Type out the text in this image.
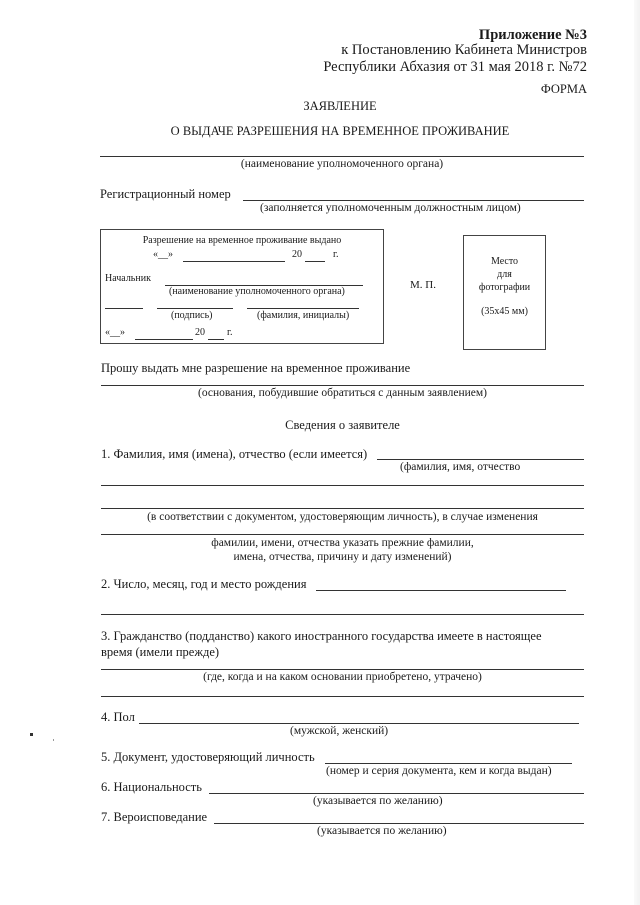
Приложение №3
к Постановлению Кабинета Министров
Республики Абхазия от 31 мая 2018 г. №72
ФОРМА
ЗАЯВЛЕНИЕ
О ВЫДАЧЕ РАЗРЕШЕНИЯ НА ВРЕМЕННОЕ ПРОЖИВАНИЕ
(наименование уполномоченного органа)
Регистрационный номер
(заполняется уполномоченным должностным лицом)
Разрешение на временное проживание выдано
«__»	20	г.
Начальник
(наименование уполномоченного органа)
(подпись)	(фамилия, инициалы)
«__»	20 г.
М. П.
Место
для
фотографии
(35х45 мм)
Прошу выдать мне разрешение на временное проживание
(основания, побудившие обратиться с данным заявлением)
Сведения о заявителе
1. Фамилия, имя (имена), отчество (если имеется)
(фамилия, имя, отчество
(в соответствии с документом, удостоверяющим личность), в случае изменения
фамилии, имени, отчества указать прежние фамилии,
имена, отчества, причину и дату изменений)
2. Число, месяц, год и место рождения
3. Гражданство (подданство) какого иностранного государства имеете в настоящее
время (имели прежде)
(где, когда и на каком основании приобретено, утрачено)
4. Пол
(мужской, женский)
5. Документ, удостоверяющий личность
(номер и серия документа, кем и когда выдан)
6. Национальность
(указывается по желанию)
7. Вероисповедание
(указывается по желанию)
